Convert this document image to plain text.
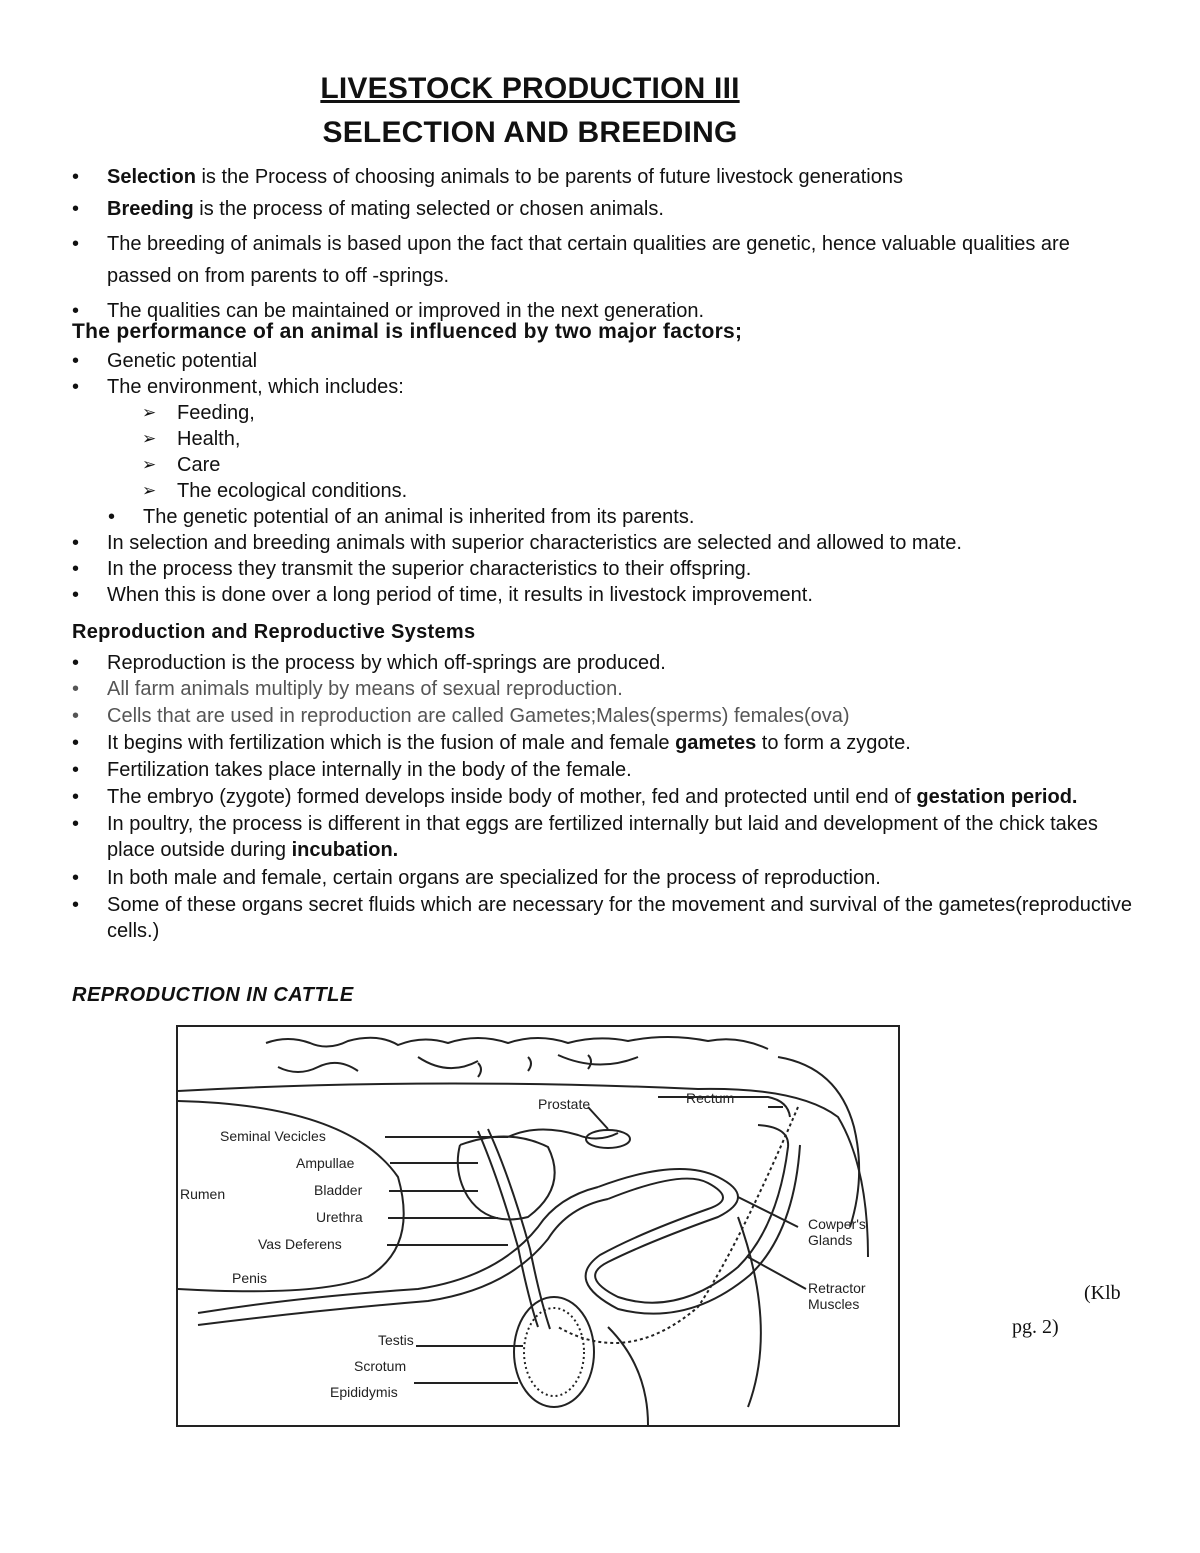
LIVESTOCK PRODUCTION III
SELECTION AND BREEDING
• Selection is the Process of choosing animals to be parents of future livestock generations
• Breeding is the process of mating selected or chosen animals.
• The breeding of animals is based upon the fact that certain qualities are genetic, hence valuable qualities are passed on from parents to off -springs.
• The qualities can be maintained or improved in the next generation.
The performance of an animal is influenced by two major factors;
• Genetic potential
• The environment, which includes:
➢ Feeding,
➢ Health,
➢ Care
➢ The ecological conditions.
• The genetic potential of an animal is inherited from its parents.
• In selection and breeding animals with superior characteristics are selected and allowed to mate.
• In the process they transmit the superior characteristics to their offspring.
• When this is done over a long period of time, it results in livestock improvement.
Reproduction and Reproductive Systems
• Reproduction is the process by which off-springs are produced.
• All farm animals multiply by means of sexual reproduction.
• Cells that are used in reproduction are called Gametes;Males(sperms) females(ova)
• It begins with fertilization which is the fusion of male and female gametes to form a zygote.
• Fertilization takes place internally in the body of the female.
• The embryo (zygote) formed develops inside body of mother, fed and protected until end of gestation period.
• In poultry, the process is different in that eggs are fertilized internally but laid and development of the chick takes place outside during incubation.
• In both male and female, certain organs are specialized for the process of reproduction.
• Some of these organs secret fluids which are necessary for the movement and survival of the gametes(reproductive cells.)
REPRODUCTION IN CATTLE
Prostate	Rectum
Seminal Vecicles
Ampullae
Rumen	Bladder
Urethra
Vas Deferens
Penis
Cowper's
Glands
Retractor
Muscles
Testis
Scrotum
Epididymis
(Klb
pg. 2)
